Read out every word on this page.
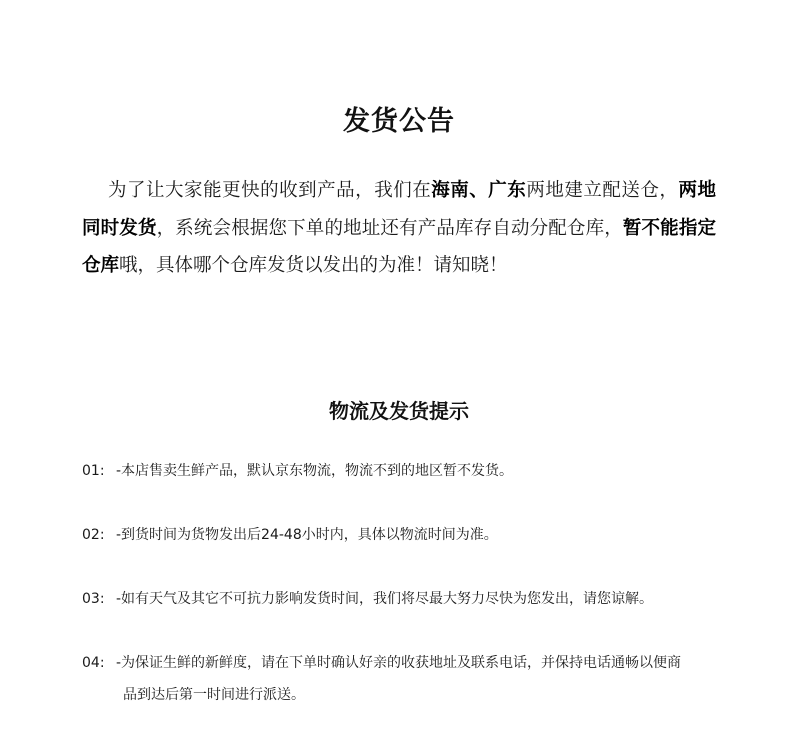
发货公告
为了让大家能更快的收到产品，我们在海南、广东两地建立配送仓，两地同时发货，系统会根据您下单的地址还有产品库存自动分配仓库，暂不能指定仓库哦，具体哪个仓库发货以发出的为准！请知晓！
物流及发货提示
01: -本店售卖生鲜产品，默认京东物流，物流不到的地区暂不发货。
02: -到货时间为货物发出后24-48小时内，具体以物流时间为准。
03: -如有天气及其它不可抗力影响发货时间，我们将尽最大努力尽快为您发出，请您谅解。
04: -为保证生鲜的新鲜度，请在下单时确认好亲的收获地址及联系电话，并保持电话通畅以便商
品到达后第一时间进行派送。
